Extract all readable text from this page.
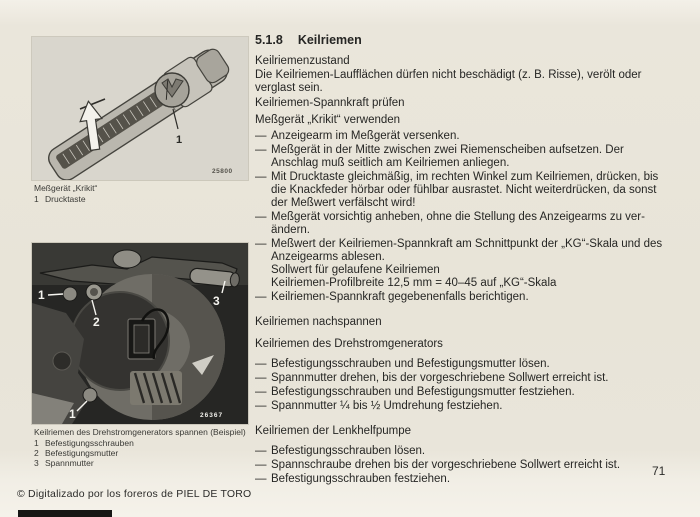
1
25800
Meßgerät „Krikit“
1 Drucktaste
1
2
3
1	26367
Keilriemen des Drehstromgenerators spannen (Beispiel)
1 Befestigungsschrauben
2 Befestigungsmutter
3 Spannmutter
5.1.8 Keilriemen
Keilriemenzustand
Die Keilriemen-Laufflächen dürfen nicht beschädigt (z. B. Risse), verölt oder
verglast sein.
Keilriemen-Spannkraft prüfen
Meßgerät „Krikit“ verwenden
— Anzeigearm im Meßgerät versenken.
— Meßgerät in der Mitte zwischen zwei Riemenscheiben aufsetzen. Der
Anschlag muß seitlich am Keilriemen anliegen.
— Mit Drucktaste gleichmäßig, im rechten Winkel zum Keilriemen, drücken, bis
die Knackfeder hörbar oder fühlbar ausrastet. Nicht weiterdrücken, da sonst
der Meßwert verfälscht wird!
— Meßgerät vorsichtig anheben, ohne die Stellung des Anzeigearms zu ver-
ändern.
— Meßwert der Keilriemen-Spannkraft am Schnittpunkt der „KG“-Skala und des
Anzeigearms ablesen.
Sollwert für gelaufene Keilriemen
Keilriemen-Profilbreite 12,5 mm = 40–45 auf „KG“-Skala
— Keilriemen-Spannkraft gegebenenfalls berichtigen.
Keilriemen nachspannen
Keilriemen des Drehstromgenerators
— Befestigungsschrauben und Befestigungsmutter lösen.
— Spannmutter drehen, bis der vorgeschriebene Sollwert erreicht ist.
— Befestigungsschrauben und Befestigungsmutter festziehen.
— Spannmutter ¼ bis ½ Umdrehung festziehen.
Keilriemen der Lenkhelfpumpe
— Befestigungsschrauben lösen.
— Spannschraube drehen bis der vorgeschriebene Sollwert erreicht ist.
— Befestigungsschrauben festziehen.
71
© Digitalizado por los foreros de PIEL DE TORO
